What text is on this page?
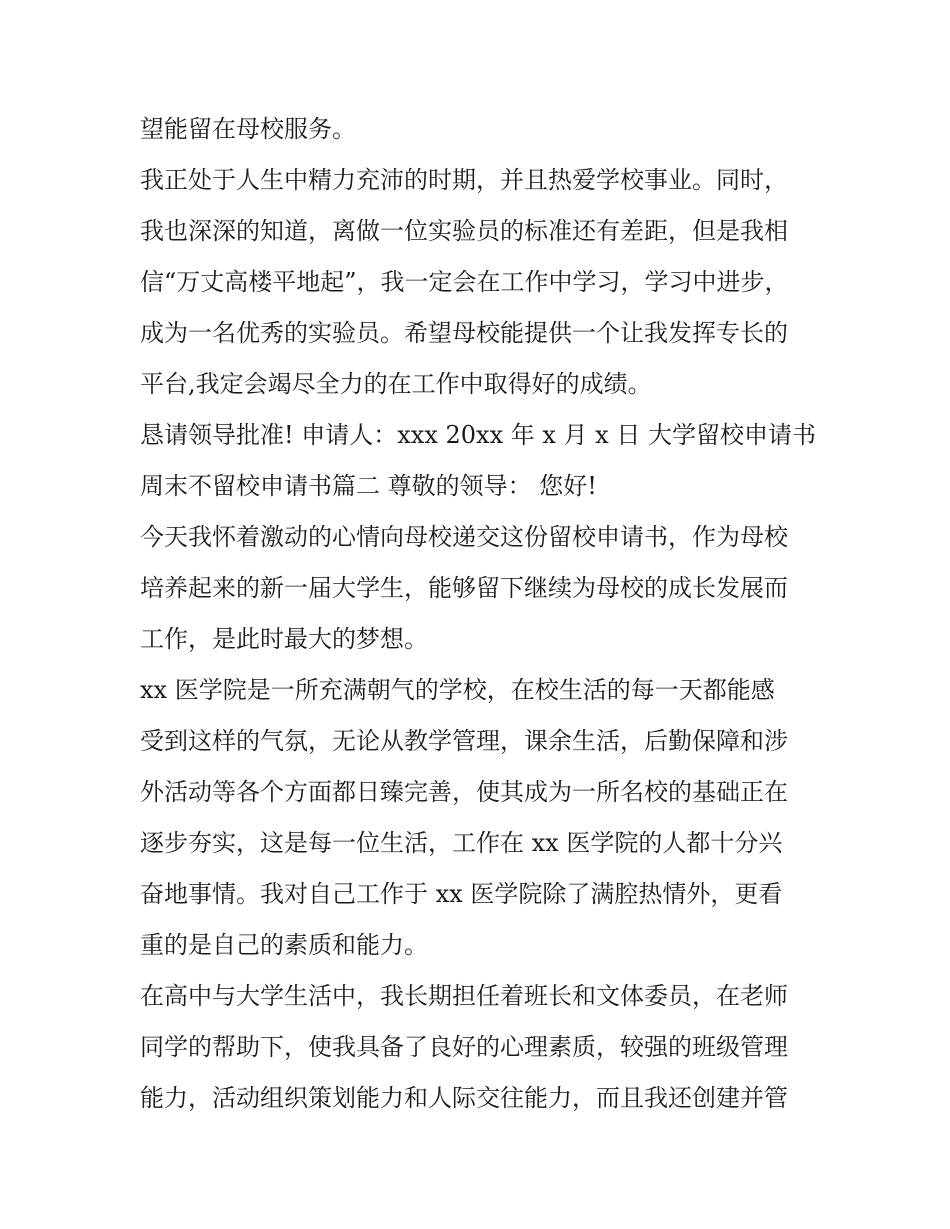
望能留在母校服务。
我正处于人生中精力充沛的时期，并且热爱学校事业。同时，
我也深深的知道，离做一位实验员的标准还有差距，但是我相
信“万丈高楼平地起”，我一定会在工作中学习，学习中进步，
成为一名优秀的实验员。希望母校能提供一个让我发挥专长的
平台,我定会竭尽全力的在工作中取得好的成绩。
恳请领导批准! 申请人：xxx 20xx 年 x 月 x 日 大学留校申请书
周末不留校申请书篇二 尊敬的领导： 您好!
今天我怀着激动的心情向母校递交这份留校申请书，作为母校
培养起来的新一届大学生，能够留下继续为母校的成长发展而
工作，是此时最大的梦想。
xx 医学院是一所充满朝气的学校，在校生活的每一天都能感
受到这样的气氛，无论从教学管理，课余生活，后勤保障和涉
外活动等各个方面都日臻完善，使其成为一所名校的基础正在
逐步夯实，这是每一位生活，工作在 xx 医学院的人都十分兴
奋地事情。我对自己工作于 xx 医学院除了满腔热情外，更看
重的是自己的素质和能力。
在高中与大学生活中，我长期担任着班长和文体委员，在老师
同学的帮助下，使我具备了良好的心理素质，较强的班级管理
能力，活动组织策划能力和人际交往能力，而且我还创建并管
